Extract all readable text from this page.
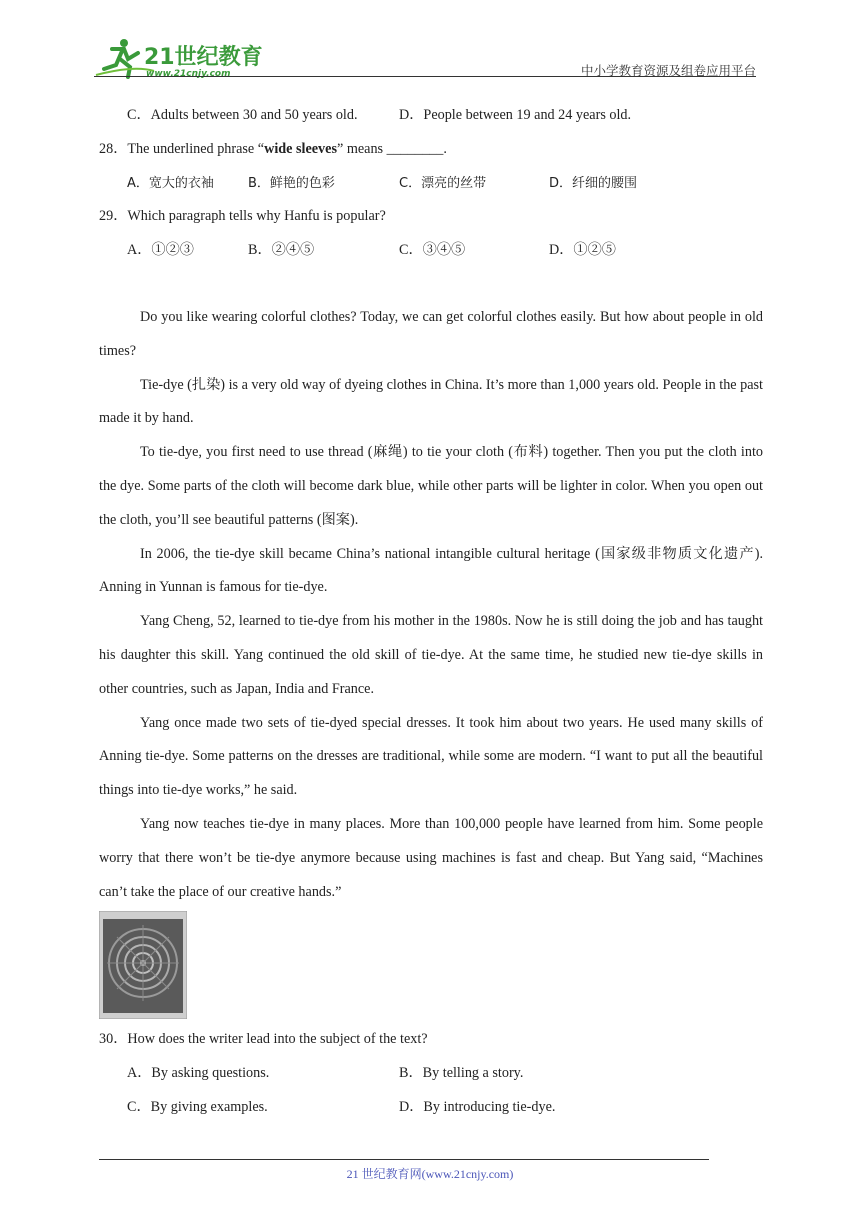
21世纪教育
www.21cnjy.com	中小学教育资源及组卷应用平台
C．Adults between 30 and 50 years old.	D．People between 19 and 24 years old.
28．The underlined phrase “wide sleeves” means ________.
A．宽大的衣袖	B．鲜艳的色彩	C．漂亮的丝带	D．纤细的腰围
29．Which paragraph tells why Hanfu is popular?
A．①②③	B．②④⑤	C．③④⑤	D．①②⑤

Do you like wearing colorful clothes? Today, we can get colorful clothes easily. But how about people in old times?

Tie-dye (扎染) is a very old way of dyeing clothes in China. It’s more than 1,000 years old. People in the past made it by hand.

To tie-dye, you first need to use thread (麻绳) to tie your cloth (布料) together. Then you put the cloth into the dye. Some parts of the cloth will become dark blue, while other parts will be lighter in color. When you open out the cloth, you’ll see beautiful patterns (图案).

In 2006, the tie-dye skill became China’s national intangible cultural heritage (国家级非物质文化遗产). Anning in Yunnan is famous for tie-dye.

Yang Cheng, 52, learned to tie-dye from his mother in the 1980s. Now he is still doing the job and has taught his daughter this skill. Yang continued the old skill of tie-dye. At the same time, he studied new tie-dye skills in other countries, such as Japan, India and France.

Yang once made two sets of tie-dyed special dresses. It took him about two years. He used many skills of Anning tie-dye. Some patterns on the dresses are traditional, while some are modern. “I want to put all the beautiful things into tie-dye works,” he said.

Yang now teaches tie-dye in many places. More than 100,000 people have learned from him. Some people worry that there won’t be tie-dye anymore because using machines is fast and cheap. But Yang said, “Machines can’t take the place of our creative hands.”

30．How does the writer lead into the subject of the text?
A．By asking questions.	B．By telling a story.
C．By giving examples.	D．By introducing tie-dye.
21 世纪教育网(www.21cnjy.com)
